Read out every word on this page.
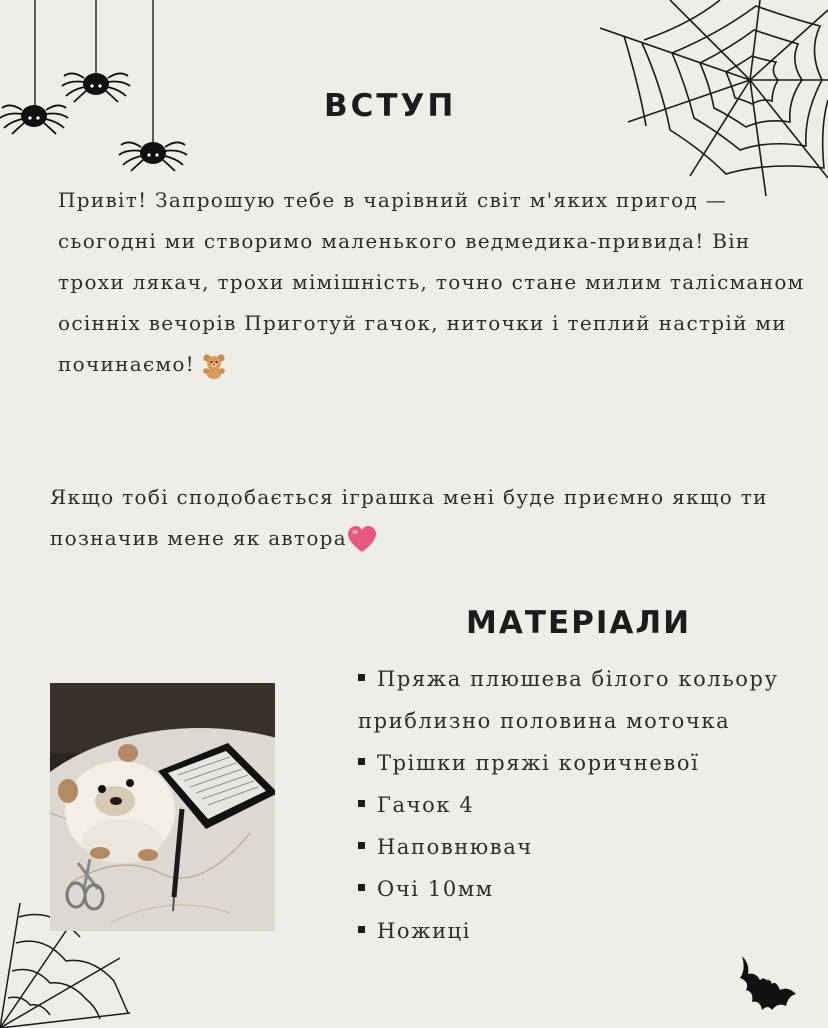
ВСТУП
Привіт! Запрошую тебе в чарівний світ м'яких пригод —
сьогодні ми створимо маленького ведмедика-привида! Він
трохи лякач, трохи мімішність, точно стане милим талісманом
осінніх вечорів Приготуй гачок, ниточки і теплий настрій ми
починаємо!
Якщо тобі сподобається іграшка мені буде приємно якщо ти
позначив мене як автора
МАТЕРІАЛИ
Пряжа плюшева білого кольору
приблизно половина моточка
Трішки пряжі коричневої
Гачок 4
Наповнювач
Очі 10мм
Ножиці
